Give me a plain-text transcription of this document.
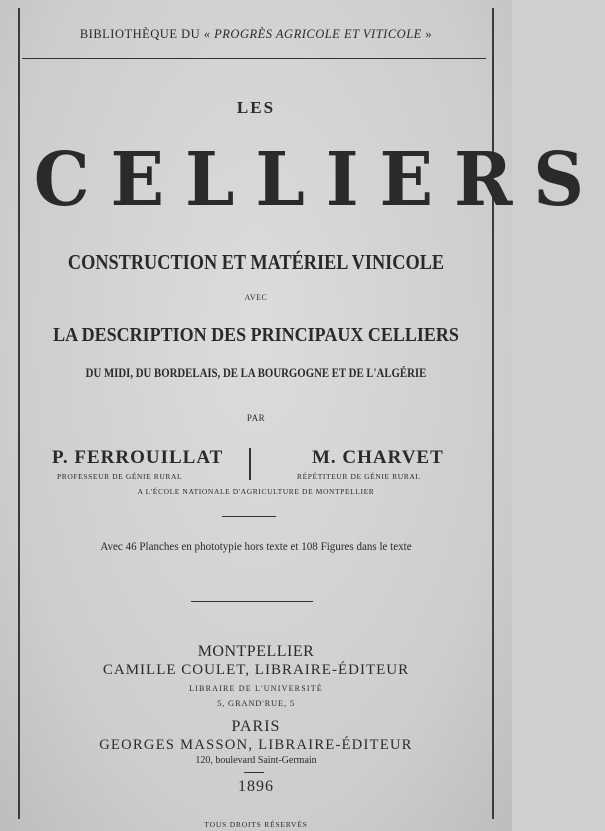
BIBLIOTHÈQUE DU « PROGRÈS AGRICOLE ET VITICOLE »
LES
CELLIERS
CONSTRUCTION ET MATÉRIEL VINICOLE
AVEC
LA DESCRIPTION DES PRINCIPAUX CELLIERS
DU MIDI, DU BORDELAIS, DE LA BOURGOGNE ET DE L'ALGÉRIE
PAR
P. FERROUILLAT	M. CHARVET
PROFESSEUR DE GÉNIE RURAL	RÉPÉTITEUR DE GÉNIE RURAL
A L'ÉCOLE NATIONALE D'AGRICULTURE DE MONTPELLIER
Avec 46 Planches en phototypie hors texte et 108 Figures dans le texte
MONTPELLIER
CAMILLE COULET, LIBRAIRE-ÉDITEUR
LIBRAIRE DE L'UNIVERSITÉ
5, GRAND'RUE, 5
PARIS
GEORGES MASSON, LIBRAIRE-ÉDITEUR
120, boulevard Saint-Germain
1896
TOUS DROITS RÉSERVÉS
